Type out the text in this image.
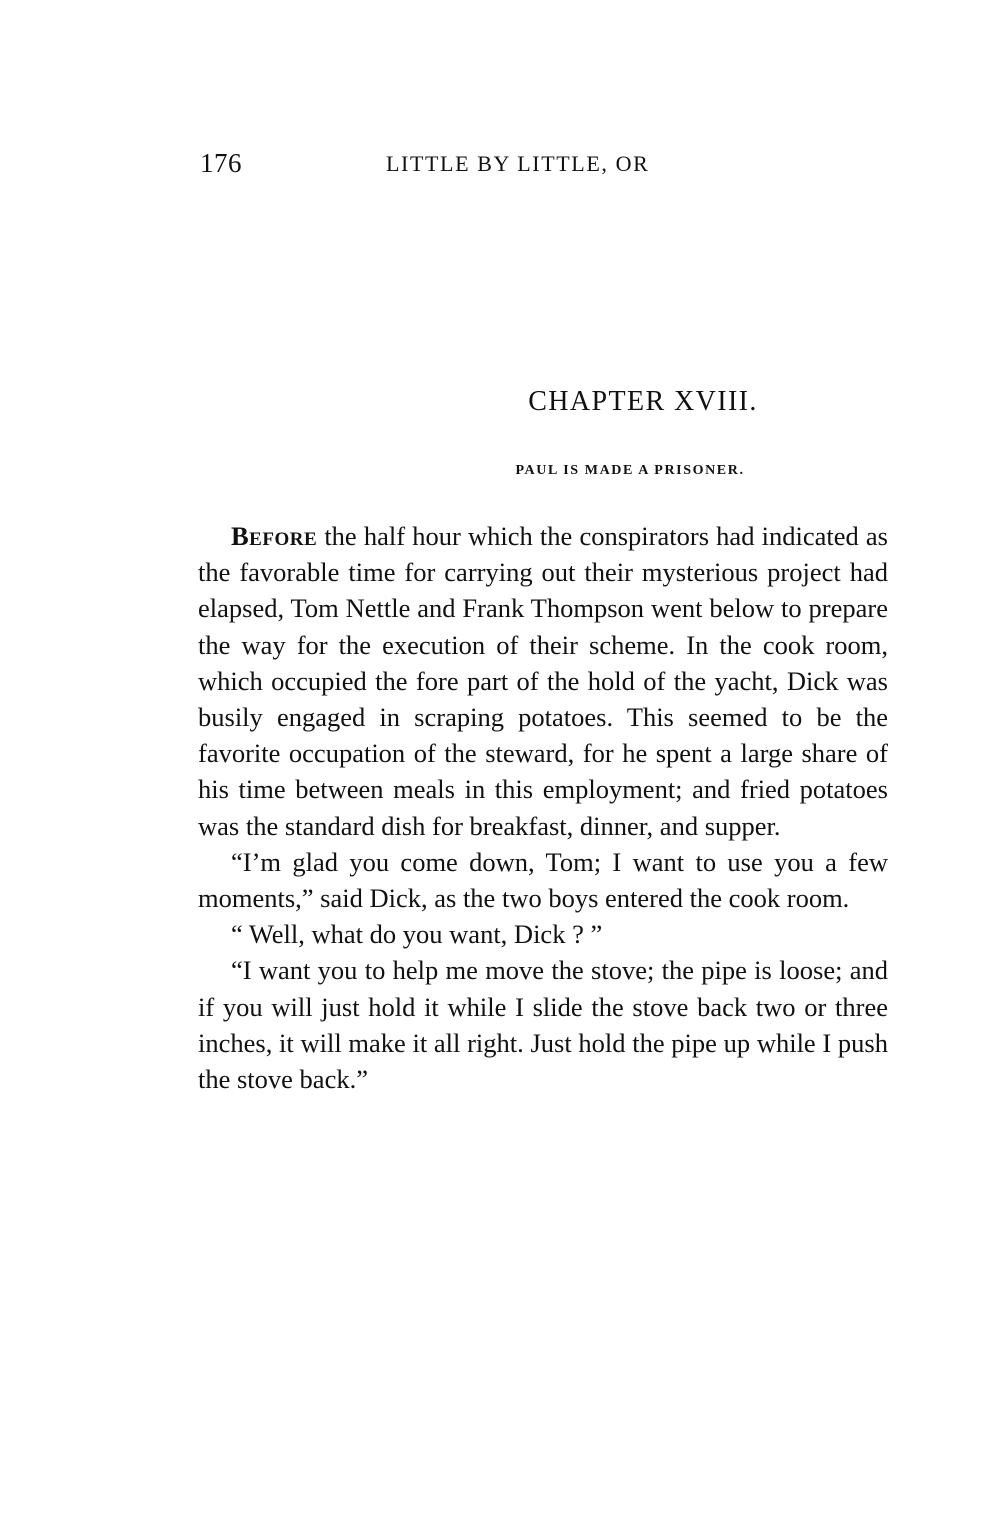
176	LITTLE BY LITTLE, OR
CHAPTER XVIII.
PAUL IS MADE A PRISONER.

Before the half hour which the conspirators had indicated as the favorable time for carrying out their mysterious project had elapsed, Tom Nettle and Frank Thompson went below to prepare the way for the execution of their scheme. In the cook room, which occupied the fore part of the hold of the yacht, Dick was busily engaged in scraping potatoes. This seemed to be the favorite occupation of the steward, for he spent a large share of his time between meals in this employment; and fried potatoes was the standard dish for breakfast, dinner, and supper.

“I’m glad you come down, Tom; I want to use you a few moments,” said Dick, as the two boys entered the cook room.

“ Well, what do you want, Dick ? ”

“I want you to help me move the stove; the pipe is loose; and if you will just hold it while I slide the stove back two or three inches, it will make it all right. Just hold the pipe up while I push the stove back.”
